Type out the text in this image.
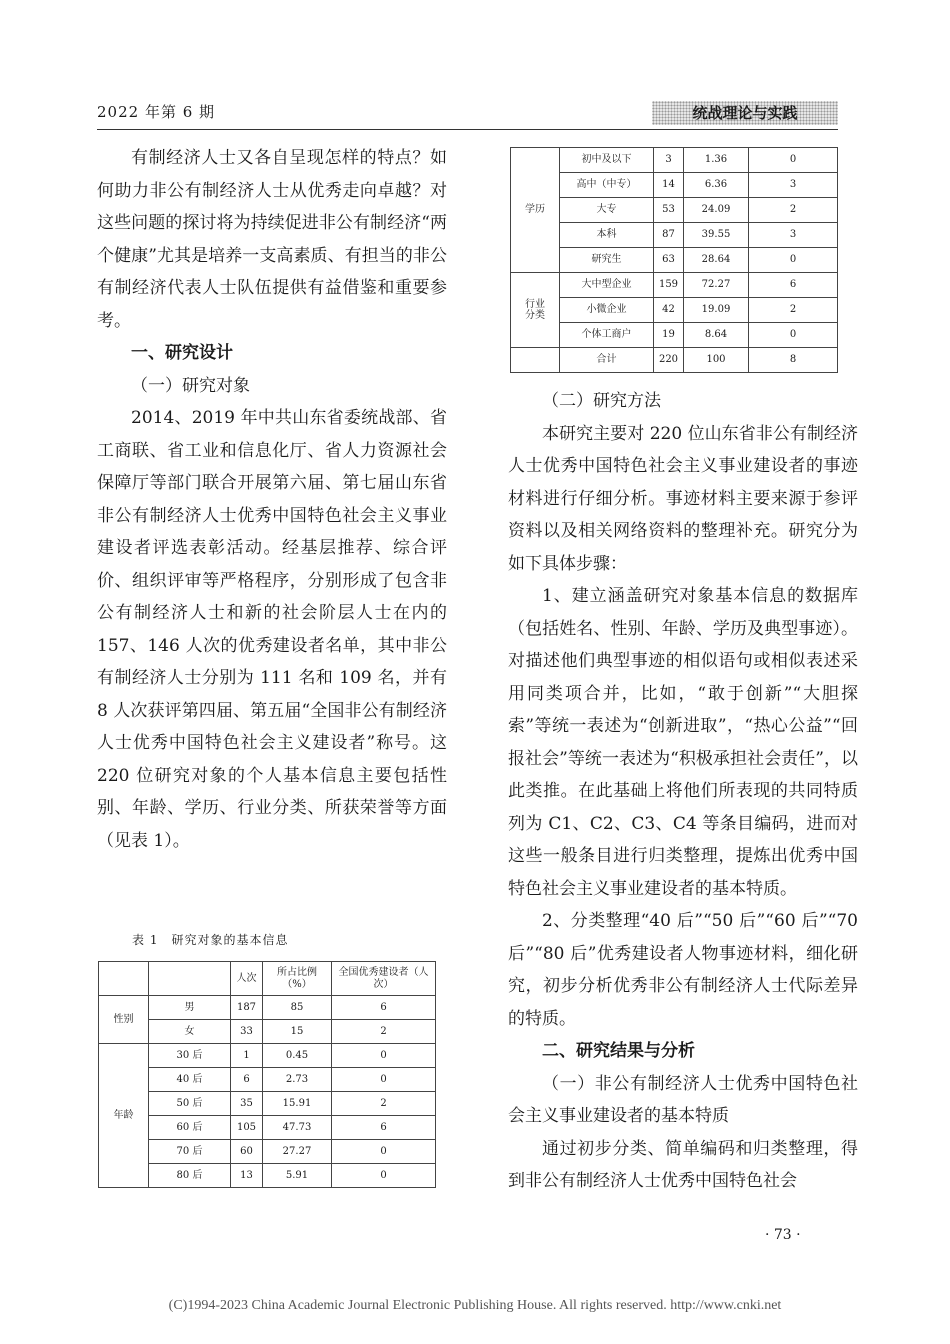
2022 年第 6 期	统战理论与实践

有制经济人士又各自呈现怎样的特点？如何助力非公有制经济人士从优秀走向卓越？对这些问题的探讨将为持续促进非公有制经济“两个健康”尤其是培养一支高素质、有担当的非公有制经济代表人士队伍提供有益借鉴和重要参考。

一、研究设计

（一）研究对象

2014、2019 年中共山东省委统战部、省工商联、省工业和信息化厅、省人力资源社会保障厅等部门联合开展第六届、第七届山东省非公有制经济人士优秀中国特色社会主义事业建设者评选表彰活动。经基层推荐、综合评价、组织评审等严格程序，分别形成了包含非公有制经济人士和新的社会阶层人士在内的 157、146 人次的优秀建设者名单，其中非公有制经济人士分别为 111 名和 109 名，并有 8 人次获评第四届、第五届“全国非公有制经济人士优秀中国特色社会主义建设者”称号。这 220 位研究对象的个人基本信息主要包括性别、年龄、学历、行业分类、所获荣誉等方面（见表 1）。

表 1　研究对象的基本信息
		人次	所占比例（%）	全国优秀建设者（人次）
性别	男	187	85	6
	女	33	15	2
年龄	30 后	1	0.45	0
	40 后	6	2.73	0
	50 后	35	15.91	2
	60 后	105	47.73	6
	70 后	60	27.27	0
	80 后	13	5.91	0
学历	初中及以下	3	1.36	0
	高中（中专）	14	6.36	3
	大专	53	24.09	2
	本科	87	39.55	3
	研究生	63	28.64	0
行业
分类	大中型企业	159	72.27	6
	小微企业	42	19.09	2
	个体工商户	19	8.64	0
	合计	220	100	8

（二）研究方法

本研究主要对 220 位山东省非公有制经济人士优秀中国特色社会主义事业建设者的事迹材料进行仔细分析。事迹材料主要来源于参评资料以及相关网络资料的整理补充。研究分为如下具体步骤：

1、建立涵盖研究对象基本信息的数据库（包括姓名、性别、年龄、学历及典型事迹）。对描述他们典型事迹的相似语句或相似表述采用同类项合并，比如，“敢于创新”“大胆探索”等统一表述为“创新进取”，“热心公益”“回报社会”等统一表述为“积极承担社会责任”，以此类推。在此基础上将他们所表现的共同特质列为 C1、C2、C3、C4 等条目编码，进而对这些一般条目进行归类整理，提炼出优秀中国特色社会主义事业建设者的基本特质。

2、分类整理“40 后”“50 后”“60 后”“70 后”“80 后”优秀建设者人物事迹材料，细化研究，初步分析优秀非公有制经济人士代际差异的特质。

二、研究结果与分析

（一）非公有制经济人士优秀中国特色社会主义事业建设者的基本特质

通过初步分类、简单编码和归类整理，得到非公有制经济人士优秀中国特色社会

· 73 ·
(C)1994-2023 China Academic Journal Electronic Publishing House. All rights reserved. http://www.cnki.net
